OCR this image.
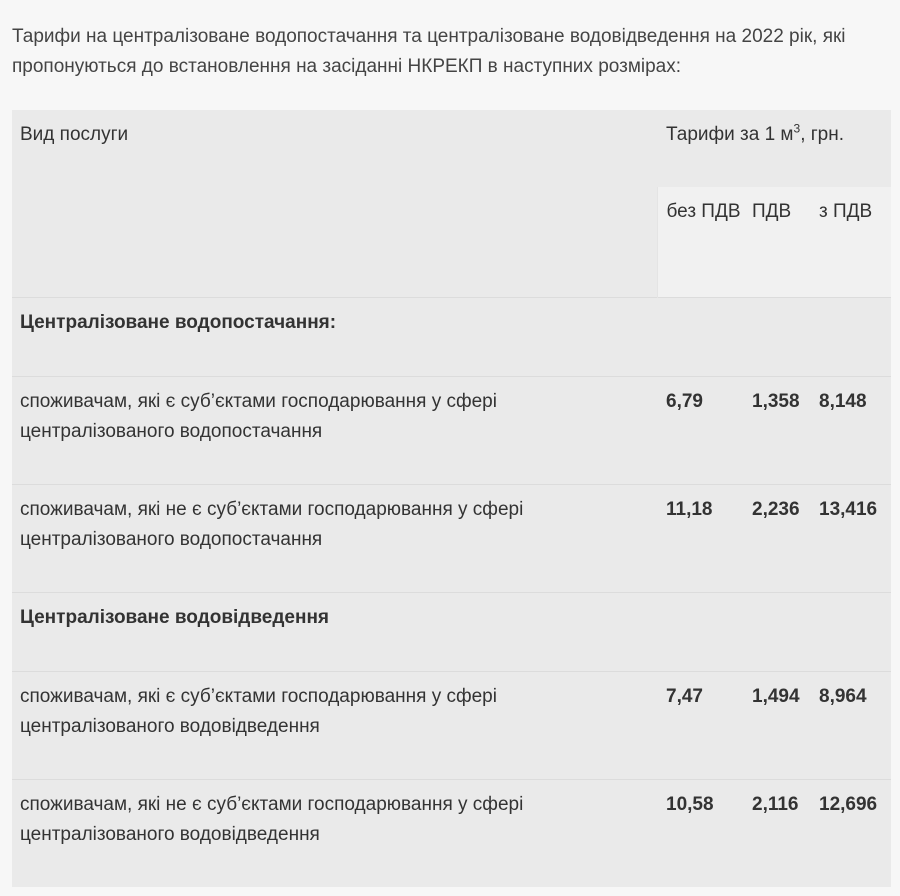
Тарифи на централізоване водопостачання та централізоване водовідведення на 2022 рік, які пропонуються до встановлення на засіданні НКРЕКП в наступних розмірах:

Вид послуги	Тарифи за 1 $м^3$, грн.		
	без ПДВ	ПДВ	з ПДВ
Централізоване водопостачання:			
споживачам, які є суб’єктами господарювання у сфері централізованого водопостачання	6,79	1,358	8,148
споживачам, які не є суб’єктами господарювання у сфері централізованого водопостачання	11,18	2,236	13,416
Централізоване водовідведення			
споживачам, які є суб’єктами господарювання у сфері централізованого водовідведення	7,47	1,494	8,964
споживачам, які не є суб’єктами господарювання у сфері централізованого водовідведення	10,58	2,116	12,696
